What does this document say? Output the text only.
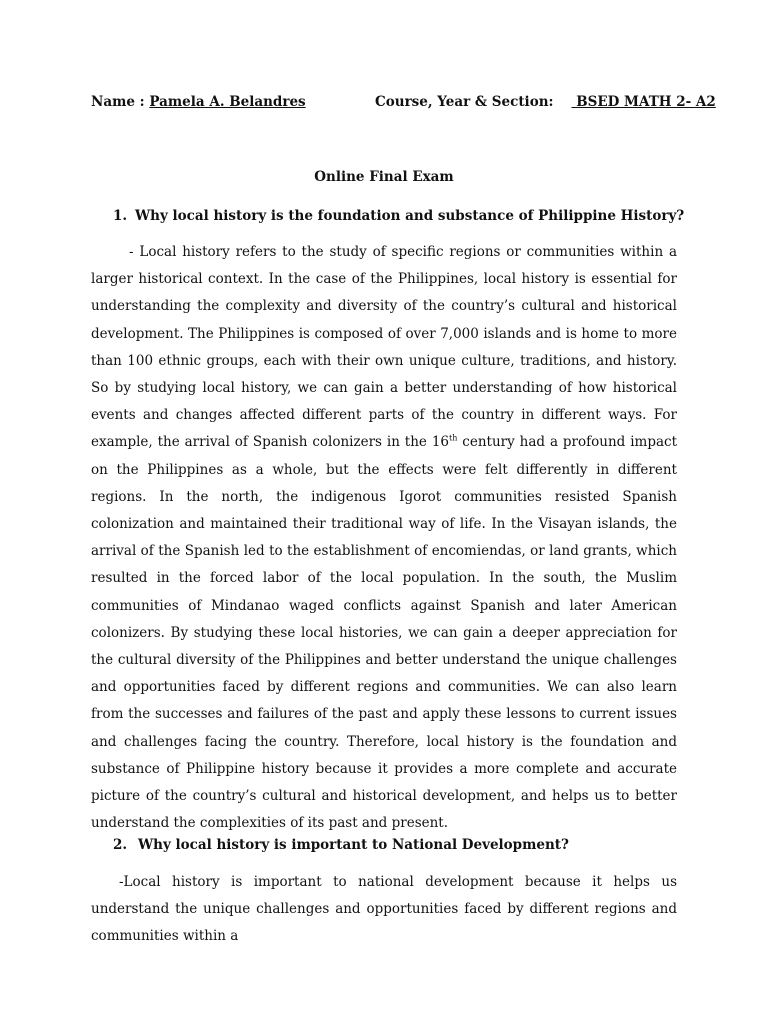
Name : Pamela A. Belandres	Course, Year & Section: BSED MATH 2- A2
Online Final Exam
1. Why local history is the foundation and substance of Philippine History?

- Local history refers to the study of specific regions or communities within a larger historical context. In the case of the Philippines, local history is essential for understanding the complexity and diversity of the country’s cultural and historical development. The Philippines is composed of over 7,000 islands and is home to more than 100 ethnic groups, each with their own unique culture, traditions, and history. So by studying local history, we can gain a better understanding of how historical events and changes affected different parts of the country in different ways. For example, the arrival of Spanish colonizers in the 16th century had a profound impact on the Philippines as a whole, but the effects were felt differently in different regions. In the north, the indigenous Igorot communities resisted Spanish colonization and maintained their traditional way of life. In the Visayan islands, the arrival of the Spanish led to the establishment of encomiendas, or land grants, which resulted in the forced labor of the local population. In the south, the Muslim communities of Mindanao waged conflicts against Spanish and later American colonizers. By studying these local histories, we can gain a deeper appreciation for the cultural diversity of the Philippines and better understand the unique challenges and opportunities faced by different regions and communities. We can also learn from the successes and failures of the past and apply these lessons to current issues and challenges facing the country. Therefore, local history is the foundation and substance of Philippine history because it provides a more complete and accurate picture of the country’s cultural and historical development, and helps us to better understand the complexities of its past and present.

2. Why local history is important to National Development?

-Local history is important to national development because it helps us understand the unique challenges and opportunities faced by different regions and communities within a
